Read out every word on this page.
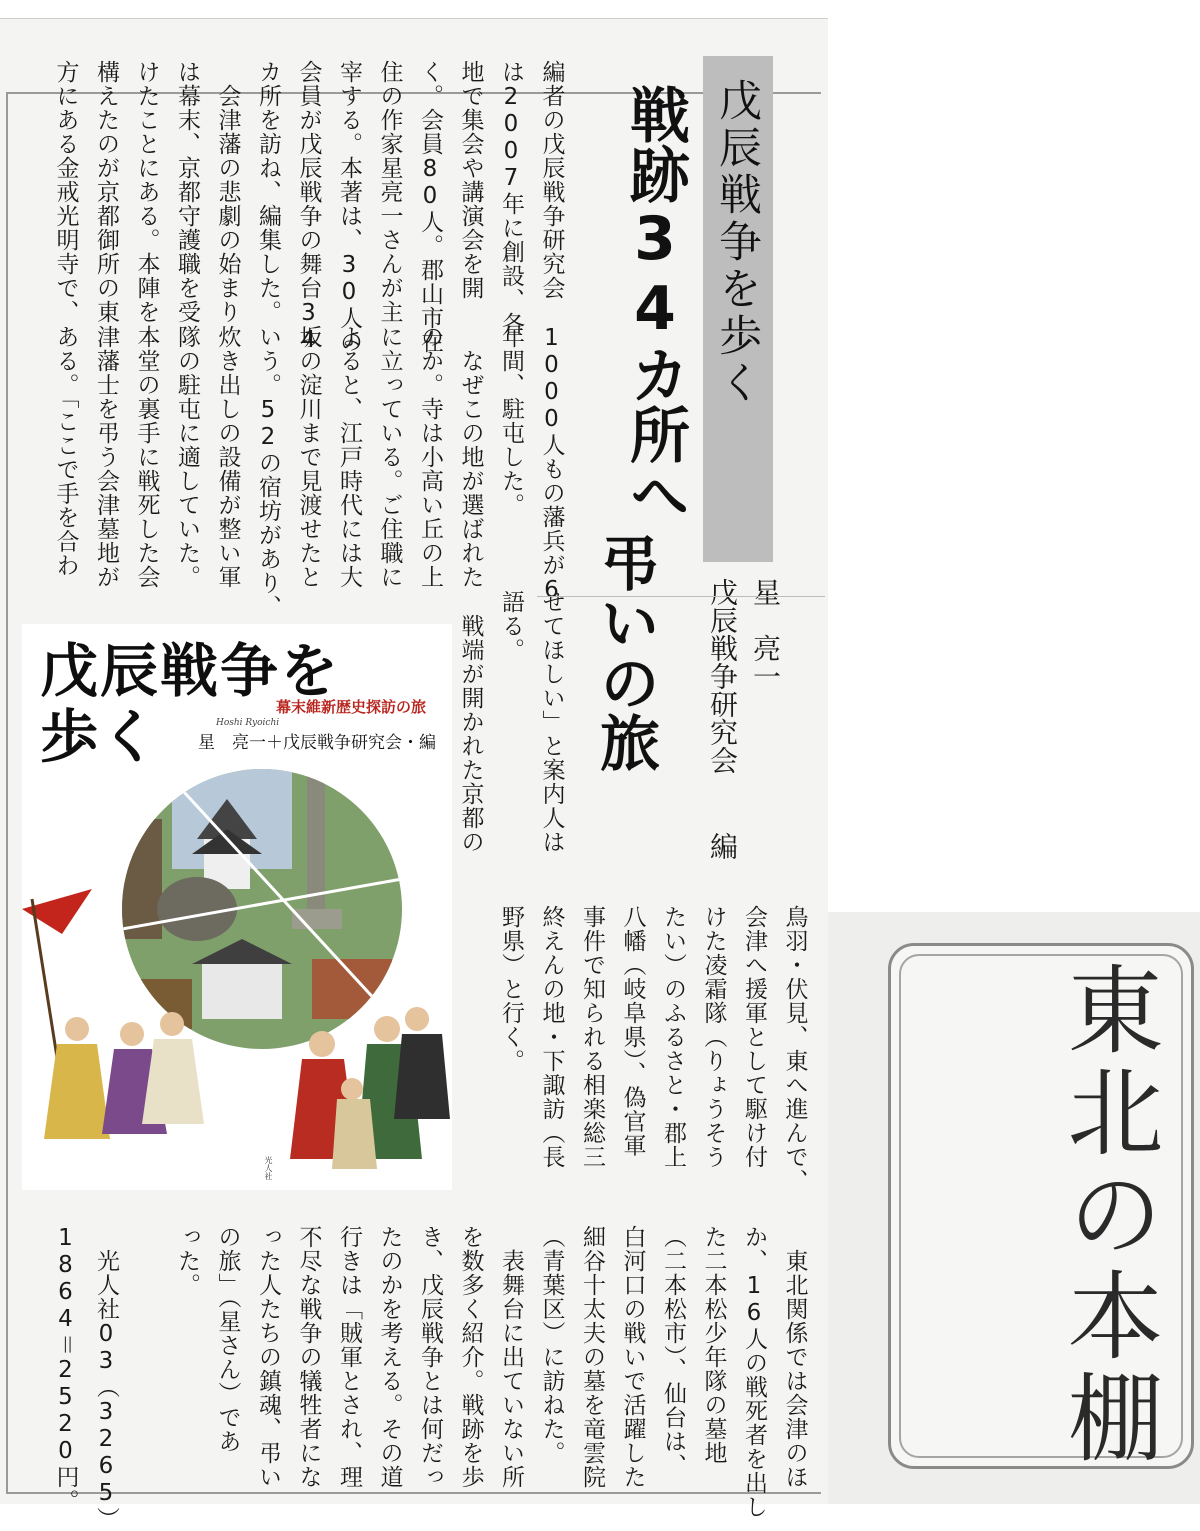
戊辰戦争を歩く

戦跡34カ所へ

弔いの旅	星　亮一

戊辰戦争研究会

編

編者の戊辰戦争研究会

は2007年に創設、各

地で集会や講演会を開

く。会員80人。郡山市在

住の作家星亮一さんが主

宰する。本著は、30人の

会員が戊辰戦争の舞台34

カ所を訪ね、編集した。

　会津藩の悲劇の始まり

は幕末、京都守護職を受

けたことにある。本陣を

構えたのが京都御所の東

方にある金戒光明寺で、

1000人もの藩兵が6

年間、駐屯した。

　なぜこの地が選ばれた

のか。寺は小高い丘の上

に立っている。ご住職に

よると、江戸時代には大

坂の淀川まで見渡せたと

いう。52の宿坊があり、

炊き出しの設備が整い軍

隊の駐屯に適していた。

本堂の裏手に戦死した会

津藩士を弔う会津墓地が

ある。「ここで手を合わ

せてほしい」と案内人は

語る。

　戦端が開かれた京都の

鳥羽・伏見、東へ進んで、

会津へ援軍として駆け付

けた凌霜隊（りょうそう

たい）のふるさと・郡上

八幡（岐阜県）、偽官軍

事件で知られる相楽総三

終えんの地・下諏訪（長

野県）と行く。

　東北関係では会津のほ

か、16人の戦死者を出し

た二本松少年隊の墓地

（二本松市）、仙台は、

白河口の戦いで活躍した

細谷十太夫の墓を竜雲院

（青葉区）に訪ねた。

　表舞台に出ていない所

を数多く紹介。戦跡を歩

き、戊辰戦争とは何だっ

たのかを考える。その道

行きは「賊軍とされ、理

不尽な戦争の犠牲者にな

った人たちの鎮魂、弔い

の旅」（星さん）であ

った。

　光人社03（3265）

1864＝2520円。

戊辰戦争を
歩く	幕末維新歴史探訪の旅
Hoshi Ryoichi
星　亮一＋戊辰戦争研究会・編
光人社	東北の本棚
